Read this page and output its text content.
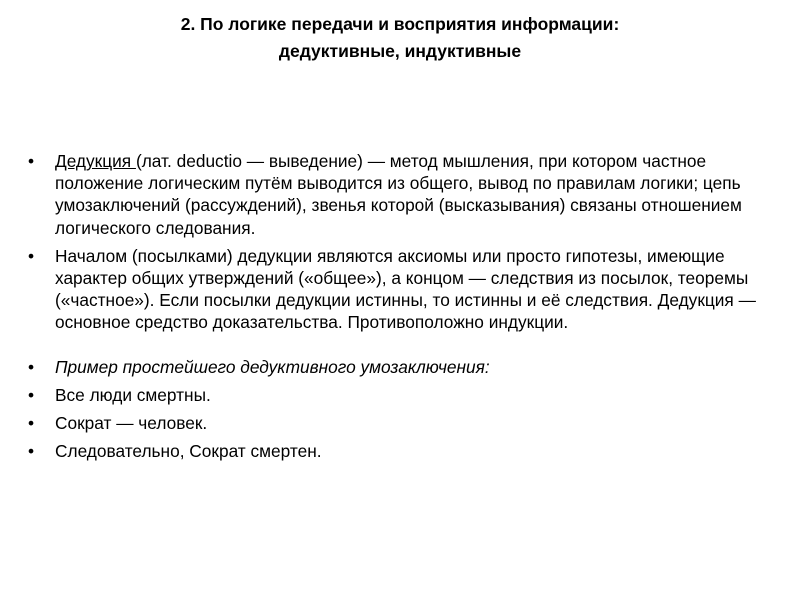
2. По логике передачи и восприятия информации:
дедуктивные, индуктивные
• Дедукция (лат. deductio — выведение) — метод мышления, при котором частное положение логическим путём выводится из общего, вывод по правилам логики; цепь умозаключений (рассуждений), звенья которой (высказывания) связаны отношением логического следования.
• Началом (посылками) дедукции являются аксиомы или просто гипотезы, имеющие характер общих утверждений («общее»), а концом — следствия из посылок, теоремы («частное»). Если посылки дедукции истинны, то истинны и её следствия. Дедукция — основное средство доказательства. Противоположно индукции.
• Пример простейшего дедуктивного умозаключения:
• Все люди смертны.
• Сократ — человек.
• Следовательно, Сократ смертен.
